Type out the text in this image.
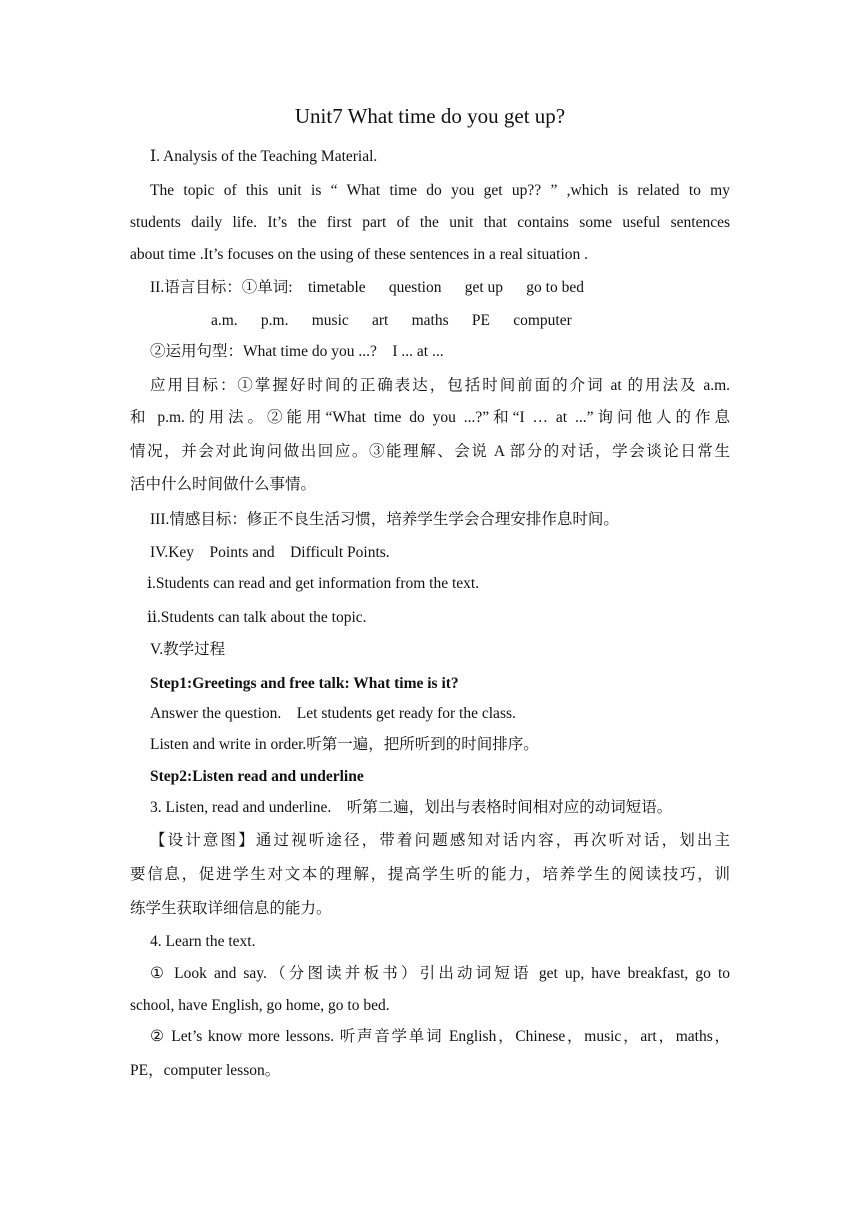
Unit7 What time do you get up?
Ⅰ. Analysis of the Teaching Material.
The topic of this unit is “ What time do you get up?? ” ,which is related to my
students daily life. It’s the first part of the unit that contains some useful sentences
about time .It’s focuses on the using of these sentences in a real situation .
II.语言目标：①单词:    timetable      question      get up      go to bed
a.m.      p.m.      music      art      maths      PE      computer
②运用句型：What time do you ...?    I ... at ...
应用目标：①掌握好时间的正确表达，包括时间前面的介词 at 的用法及 a.m.
和 p.m.的用法。②能用“What time do you ...?”和“I … at ...”询问他人的作息
情况，并会对此询问做出回应。③能理解、会说 A 部分的对话，学会谈论日常生
活中什么时间做什么事情。
III.情感目标：修正不良生活习惯，培养学生学会合理安排作息时间。
IV.Key    Points and    Difficult Points.
ⅰ.Students can read and get information from the text.
ⅱ.Students can talk about the topic.
V.教学过程
Step1:Greetings and free talk: What time is it?
Answer the question.    Let students get ready for the class.
Listen and write in order.听第一遍，把所听到的时间排序。
Step2:Listen read and underline
3. Listen, read and underline.    听第二遍，划出与表格时间相对应的动词短语。
【设计意图】通过视听途径，带着问题感知对话内容，再次听对话，划出主
要信息，促进学生对文本的理解，提高学生听的能力，培养学生的阅读技巧，训
练学生获取详细信息的能力。
4. Learn the text.
① Look and say.（分图读并板书）引出动词短语 get up, have breakfast, go to
school, have English, go home, go to bed.
② Let’s know more lessons. 听声音学单词 English，Chinese，music，art，maths，
PE，computer lesson。
